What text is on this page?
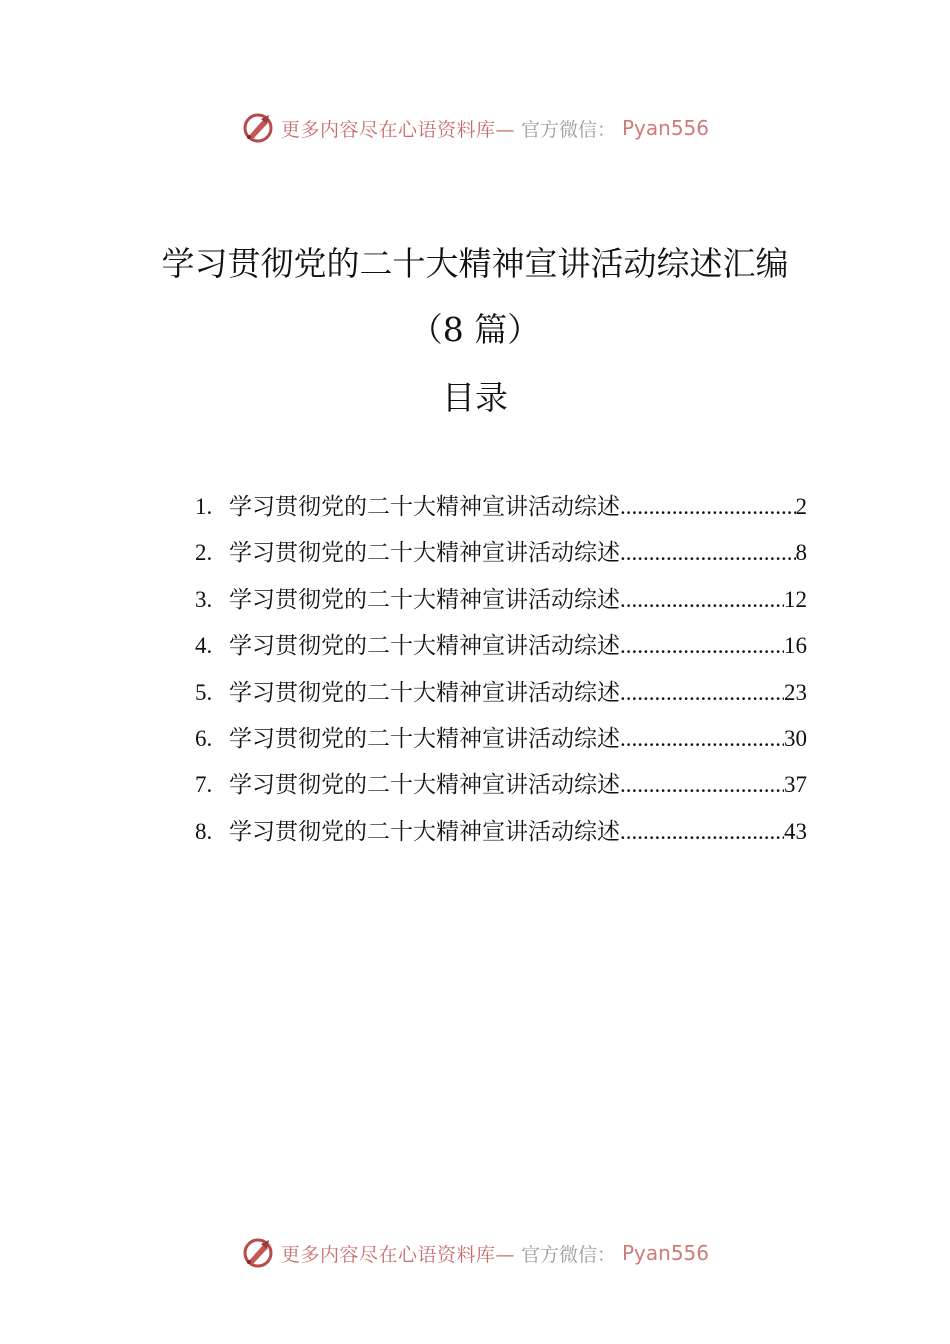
更多内容尽在心语资料库— 官方微信： Pyan556
学习贯彻党的二十大精神宣讲活动综述汇编
（8 篇）
目录
1. 学习贯彻党的二十大精神宣讲活动综述 .....	2
2. 学习贯彻党的二十大精神宣讲活动综述 .....	8
3. 学习贯彻党的二十大精神宣讲活动综述 .....	12
4. 学习贯彻党的二十大精神宣讲活动综述 .....	16
5. 学习贯彻党的二十大精神宣讲活动综述 .....	23
6. 学习贯彻党的二十大精神宣讲活动综述 .....	30
7. 学习贯彻党的二十大精神宣讲活动综述 .....	37
8. 学习贯彻党的二十大精神宣讲活动综述 .....	43
更多内容尽在心语资料库— 官方微信： Pyan556
